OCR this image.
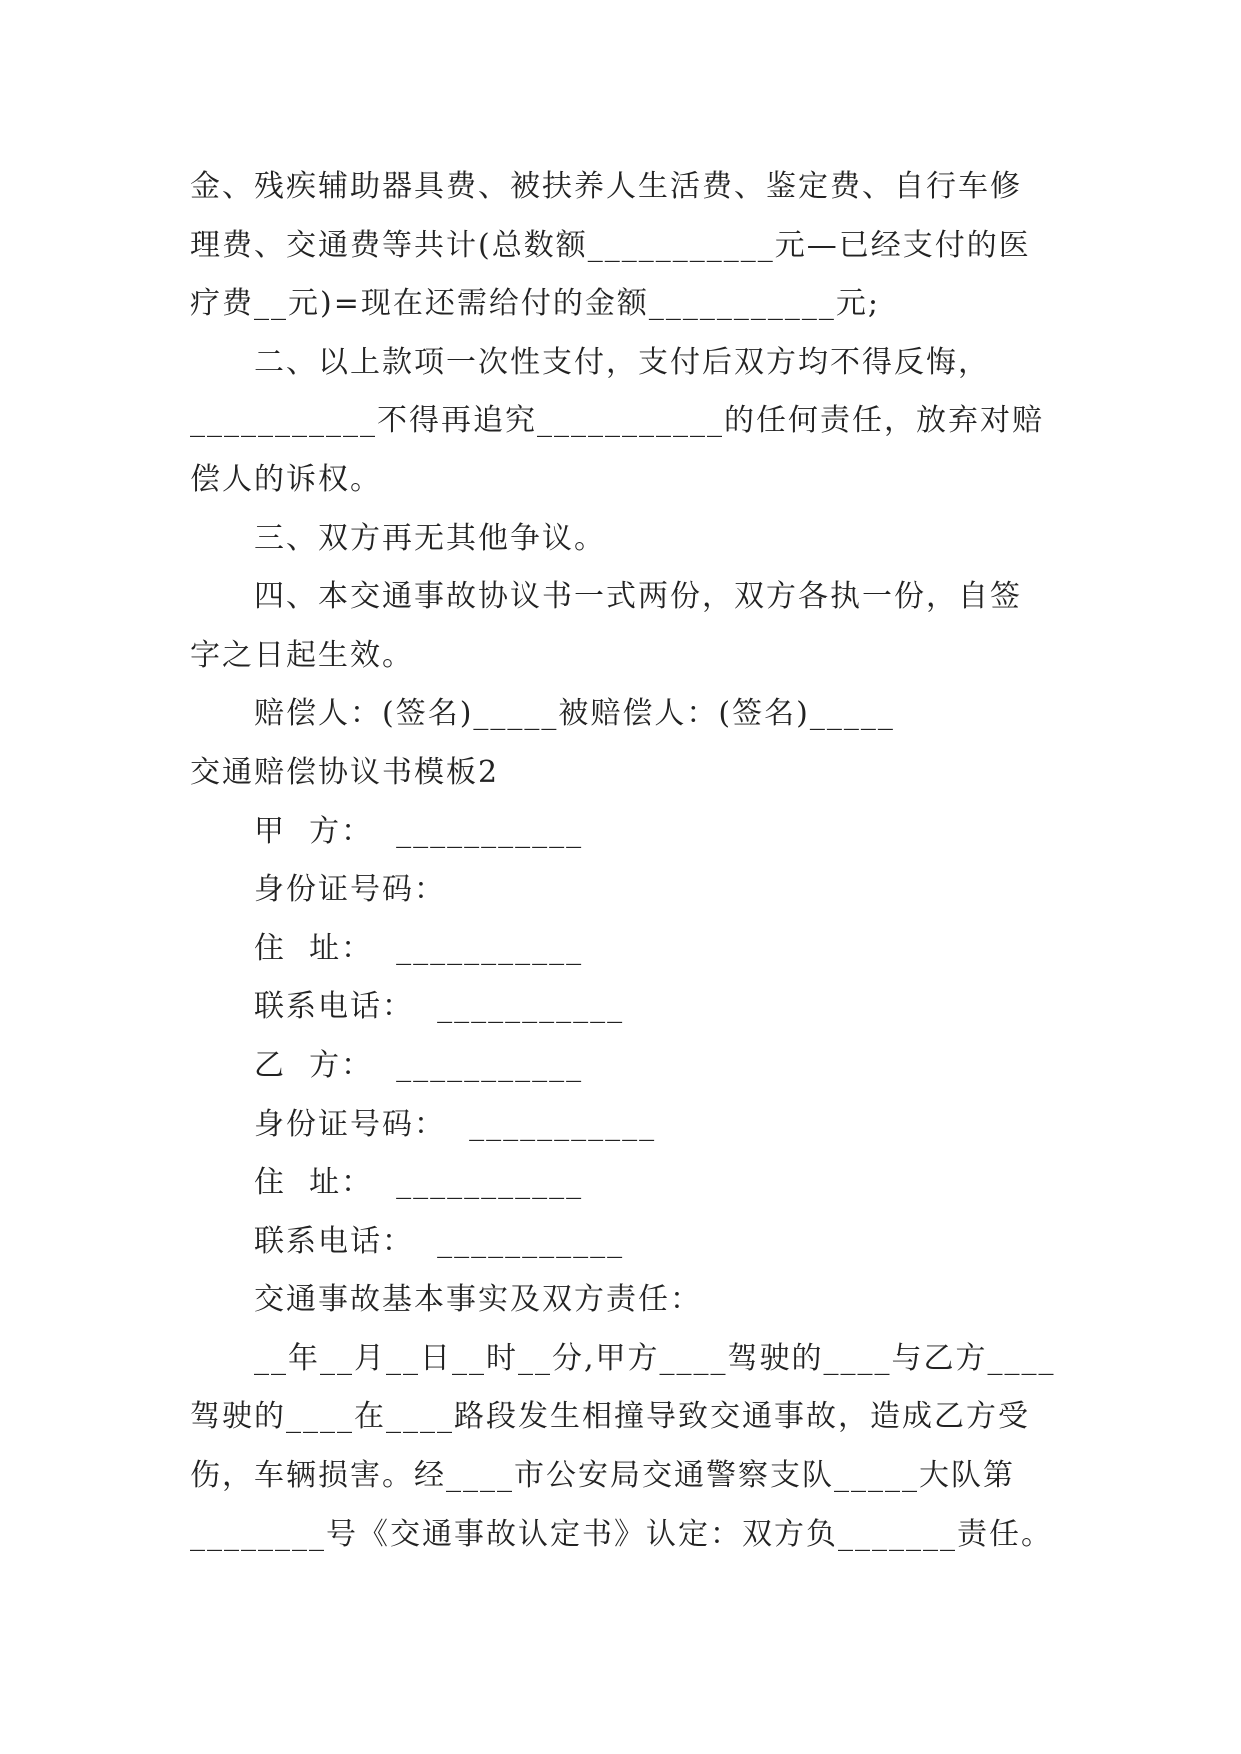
金、残疾辅助器具费、被扶养人生活费、鉴定费、自行车修
理费、交通费等共计(总数额___________元—已经支付的医
疗费__元)=现在还需给付的金额___________元;
二、以上款项一次性支付，支付后双方均不得反悔，
___________不得再追究___________的任何责任，放弃对赔
偿人的诉权。
三、双方再无其他争议。
四、本交通事故协议书一式两份，双方各执一份，自签
字之日起生效。
赔偿人：(签名)_____被赔偿人：(签名)_____
交通赔偿协议书模板2
甲  方：  ___________
身份证号码：
住  址：  ___________
联系电话：  ___________
乙  方：  ___________
身份证号码：  ___________
住  址：  ___________
联系电话：  ___________
交通事故基本事实及双方责任：
__年__月__日__时__分,甲方____驾驶的____与乙方____
驾驶的____在____路段发生相撞导致交通事故，造成乙方受
伤，车辆损害。经____市公安局交通警察支队_____大队第
________号《交通事故认定书》认定：双方负_______责任。
